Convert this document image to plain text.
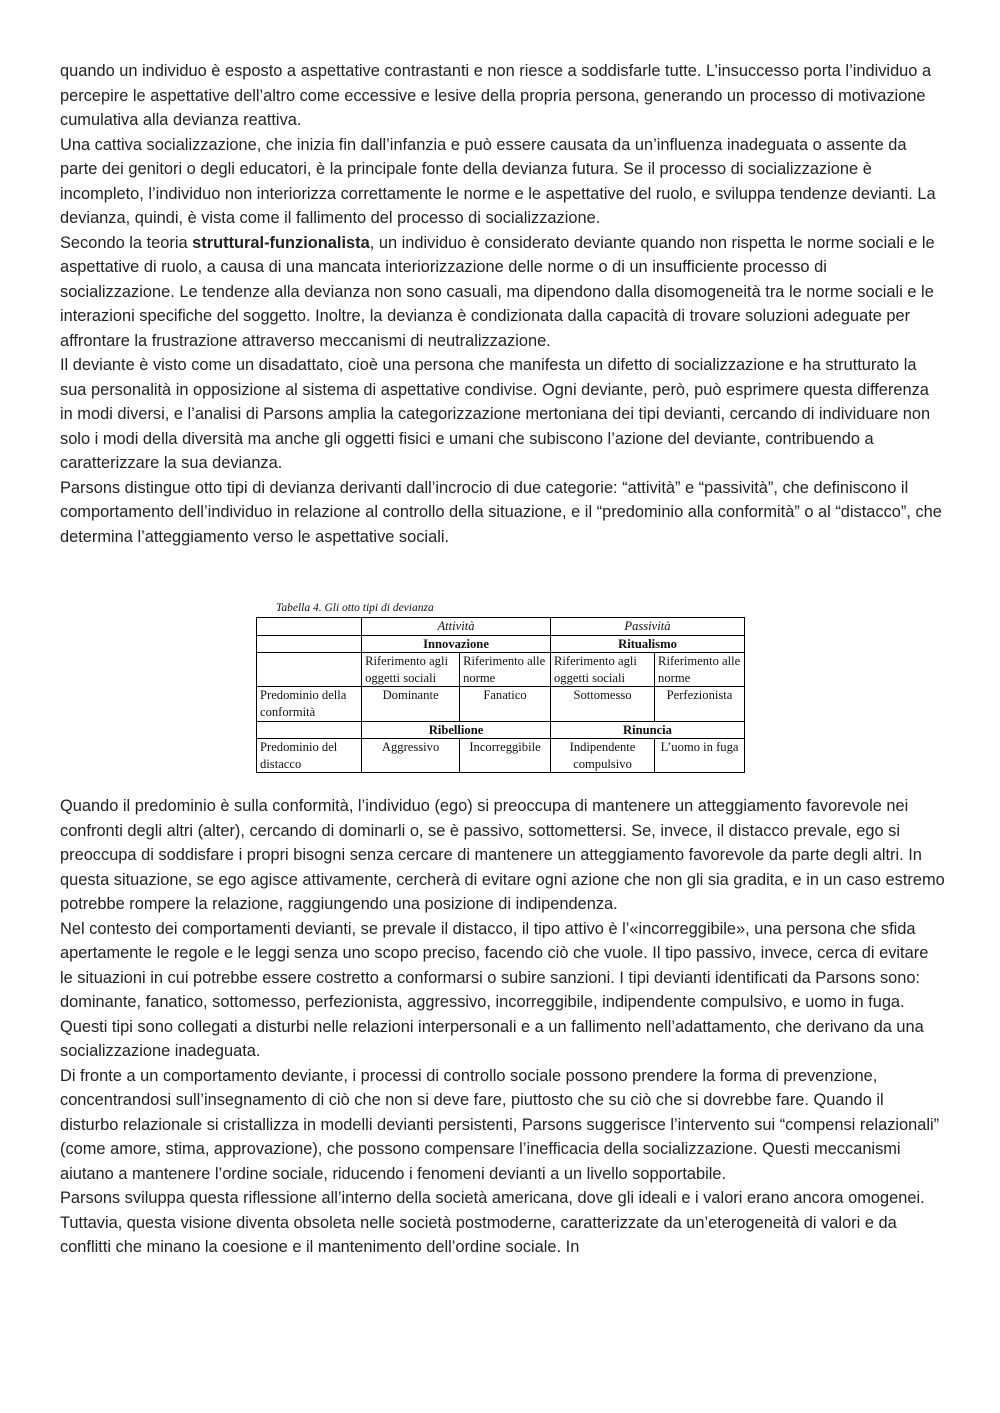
quando un individuo è esposto a aspettative contrastanti e non riesce a soddisfarle tutte. L’insuccesso porta l’individuo a percepire le aspettative dell’altro come eccessive e lesive della propria persona, generando un processo di motivazione cumulativa alla devianza reattiva.

Una cattiva socializzazione, che inizia fin dall’infanzia e può essere causata da un’influenza inadeguata o assente da parte dei genitori o degli educatori, è la principale fonte della devianza futura. Se il processo di socializzazione è incompleto, l’individuo non interiorizza correttamente le norme e le aspettative del ruolo, e sviluppa tendenze devianti. La devianza, quindi, è vista come il fallimento del processo di socializzazione.

Secondo la teoria struttural-funzionalista, un individuo è considerato deviante quando non rispetta le norme sociali e le aspettative di ruolo, a causa di una mancata interiorizzazione delle norme o di un insufficiente processo di socializzazione. Le tendenze alla devianza non sono casuali, ma dipendono dalla disomogeneità tra le norme sociali e le interazioni specifiche del soggetto. Inoltre, la devianza è condizionata dalla capacità di trovare soluzioni adeguate per affrontare la frustrazione attraverso meccanismi di neutralizzazione.

Il deviante è visto come un disadattato, cioè una persona che manifesta un difetto di socializzazione e ha strutturato la sua personalità in opposizione al sistema di aspettative condivise. Ogni deviante, però, può esprimere questa differenza in modi diversi, e l’analisi di Parsons amplia la categorizzazione mertoniana dei tipi devianti, cercando di individuare non solo i modi della diversità ma anche gli oggetti fisici e umani che subiscono l’azione del deviante, contribuendo a caratterizzare la sua devianza.

Parsons distingue otto tipi di devianza derivanti dall’incrocio di due categorie: “attività” e “passività”, che definiscono il comportamento dell’individuo in relazione al controllo della situazione, e il “predominio alla conformità” o al “distacco”, che determina l’atteggiamento verso le aspettative sociali.

Tabella 4. Gli otto tipi di devianza
	Attività		Passività	
	Innovazione		Ritualismo	
	Riferimento agli oggetti sociali	Riferimento alle norme	Riferimento agli oggetti sociali	Riferimento alle norme
Predominio della conformità	Dominante	Fanatico	Sottomesso	Perfezionista
	Ribellione		Rinuncia	
Predominio del distacco	Aggressivo	Incorreggibile	Indipendente compulsivo	L’uomo in fuga

Quando il predominio è sulla conformità, l’individuo (ego) si preoccupa di mantenere un atteggiamento favorevole nei confronti degli altri (alter), cercando di dominarli o, se è passivo, sottomettersi. Se, invece, il distacco prevale, ego si preoccupa di soddisfare i propri bisogni senza cercare di mantenere un atteggiamento favorevole da parte degli altri. In questa situazione, se ego agisce attivamente, cercherà di evitare ogni azione che non gli sia gradita, e in un caso estremo potrebbe rompere la relazione, raggiungendo una posizione di indipendenza.

Nel contesto dei comportamenti devianti, se prevale il distacco, il tipo attivo è l’«incorreggibile», una persona che sfida apertamente le regole e le leggi senza uno scopo preciso, facendo ciò che vuole. Il tipo passivo, invece, cerca di evitare le situazioni in cui potrebbe essere costretto a conformarsi o subire sanzioni. I tipi devianti identificati da Parsons sono: dominante, fanatico, sottomesso, perfezionista, aggressivo, incorreggibile, indipendente compulsivo, e uomo in fuga. Questi tipi sono collegati a disturbi nelle relazioni interpersonali e a un fallimento nell’adattamento, che derivano da una socializzazione inadeguata.

Di fronte a un comportamento deviante, i processi di controllo sociale possono prendere la forma di prevenzione, concentrandosi sull’insegnamento di ciò che non si deve fare, piuttosto che su ciò che si dovrebbe fare. Quando il disturbo relazionale si cristallizza in modelli devianti persistenti, Parsons suggerisce l’intervento sui “compensi relazionali” (come amore, stima, approvazione), che possono compensare l’inefficacia della socializzazione. Questi meccanismi aiutano a mantenere l’ordine sociale, riducendo i fenomeni devianti a un livello sopportabile.

Parsons sviluppa questa riflessione all’interno della società americana, dove gli ideali e i valori erano ancora omogenei. Tuttavia, questa visione diventa obsoleta nelle società postmoderne, caratterizzate da un’eterogeneità di valori e da conflitti che minano la coesione e il mantenimento dell’ordine sociale. In
